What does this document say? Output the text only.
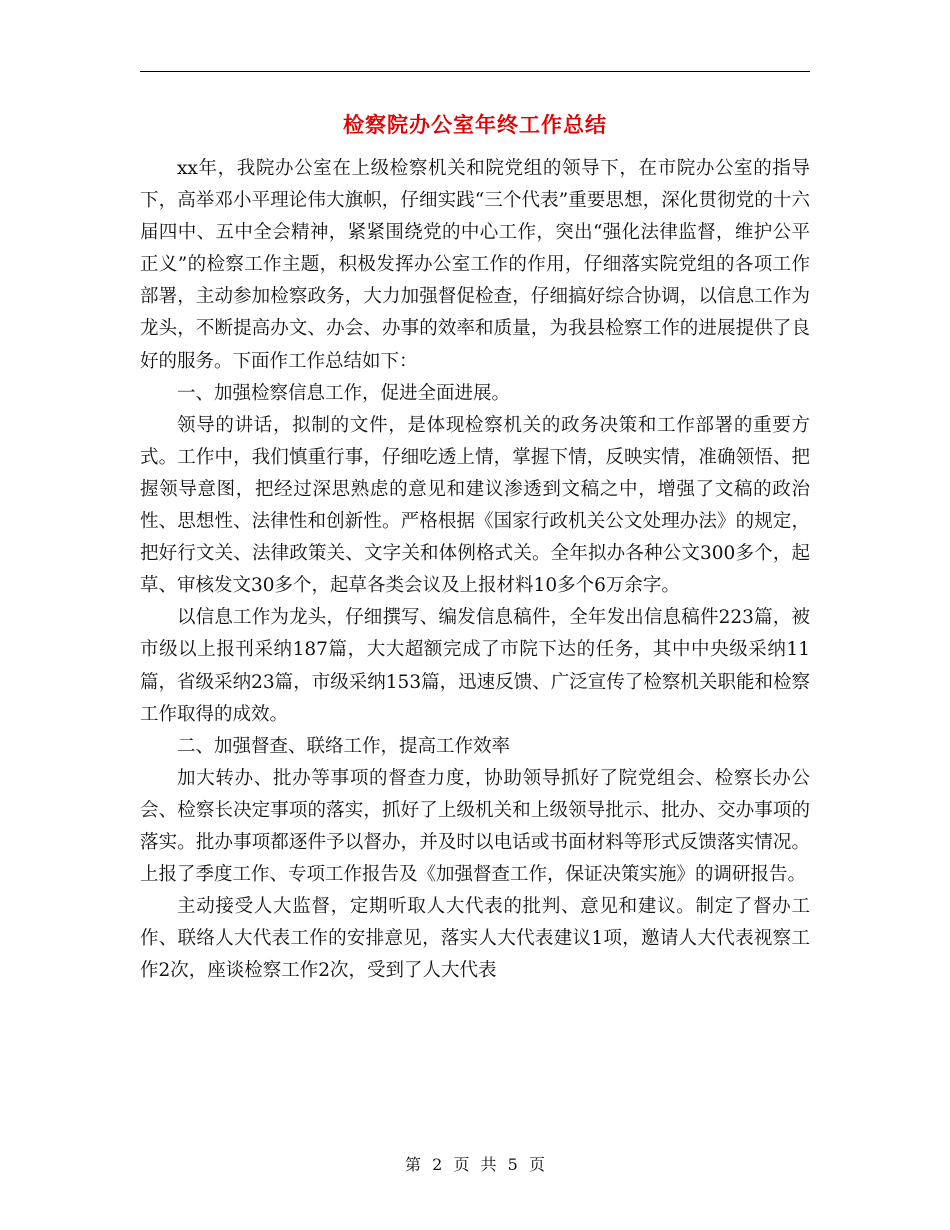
检察院办公室年终工作总结

xx年，我院办公室在上级检察机关和院党组的领导下，在市院办公室的指导下，高举邓小平理论伟大旗帜，仔细实践“三个代表”重要思想，深化贯彻党的十六届四中、五中全会精神，紧紧围绕党的中心工作，突出“强化法律监督，维护公平正义”的检察工作主题，积极发挥办公室工作的作用，仔细落实院党组的各项工作部署，主动参加检察政务，大力加强督促检查，仔细搞好综合协调，以信息工作为龙头，不断提高办文、办会、办事的效率和质量，为我县检察工作的进展提供了良好的服务。下面作工作总结如下：

一、加强检察信息工作，促进全面进展。

领导的讲话，拟制的文件，是体现检察机关的政务决策和工作部署的重要方式。工作中，我们慎重行事，仔细吃透上情，掌握下情，反映实情，准确领悟、把握领导意图，把经过深思熟虑的意见和建议渗透到文稿之中，增强了文稿的政治性、思想性、法律性和创新性。严格根据《国家行政机关公文处理办法》的规定，把好行文关、法律政策关、文字关和体例格式关。全年拟办各种公文300多个，起草、审核发文30多个，起草各类会议及上报材料10多个6万余字。

以信息工作为龙头，仔细撰写、编发信息稿件，全年发出信息稿件223篇，被市级以上报刊采纳187篇，大大超额完成了市院下达的任务，其中中央级采纳11篇，省级采纳23篇，市级采纳153篇，迅速反馈、广泛宣传了检察机关职能和检察工作取得的成效。

二、加强督查、联络工作，提高工作效率

加大转办、批办等事项的督查力度，协助领导抓好了院党组会、检察长办公会、检察长决定事项的落实，抓好了上级机关和上级领导批示、批办、交办事项的落实。批办事项都逐件予以督办，并及时以电话或书面材料等形式反馈落实情况。上报了季度工作、专项工作报告及《加强督查工作，保证决策实施》的调研报告。

主动接受人大监督，定期听取人大代表的批判、意见和建议。制定了督办工作、联络人大代表工作的安排意见，落实人大代表建议1项，邀请人大代表视察工作2次，座谈检察工作2次，受到了人大代表

第 2 页 共 5 页
